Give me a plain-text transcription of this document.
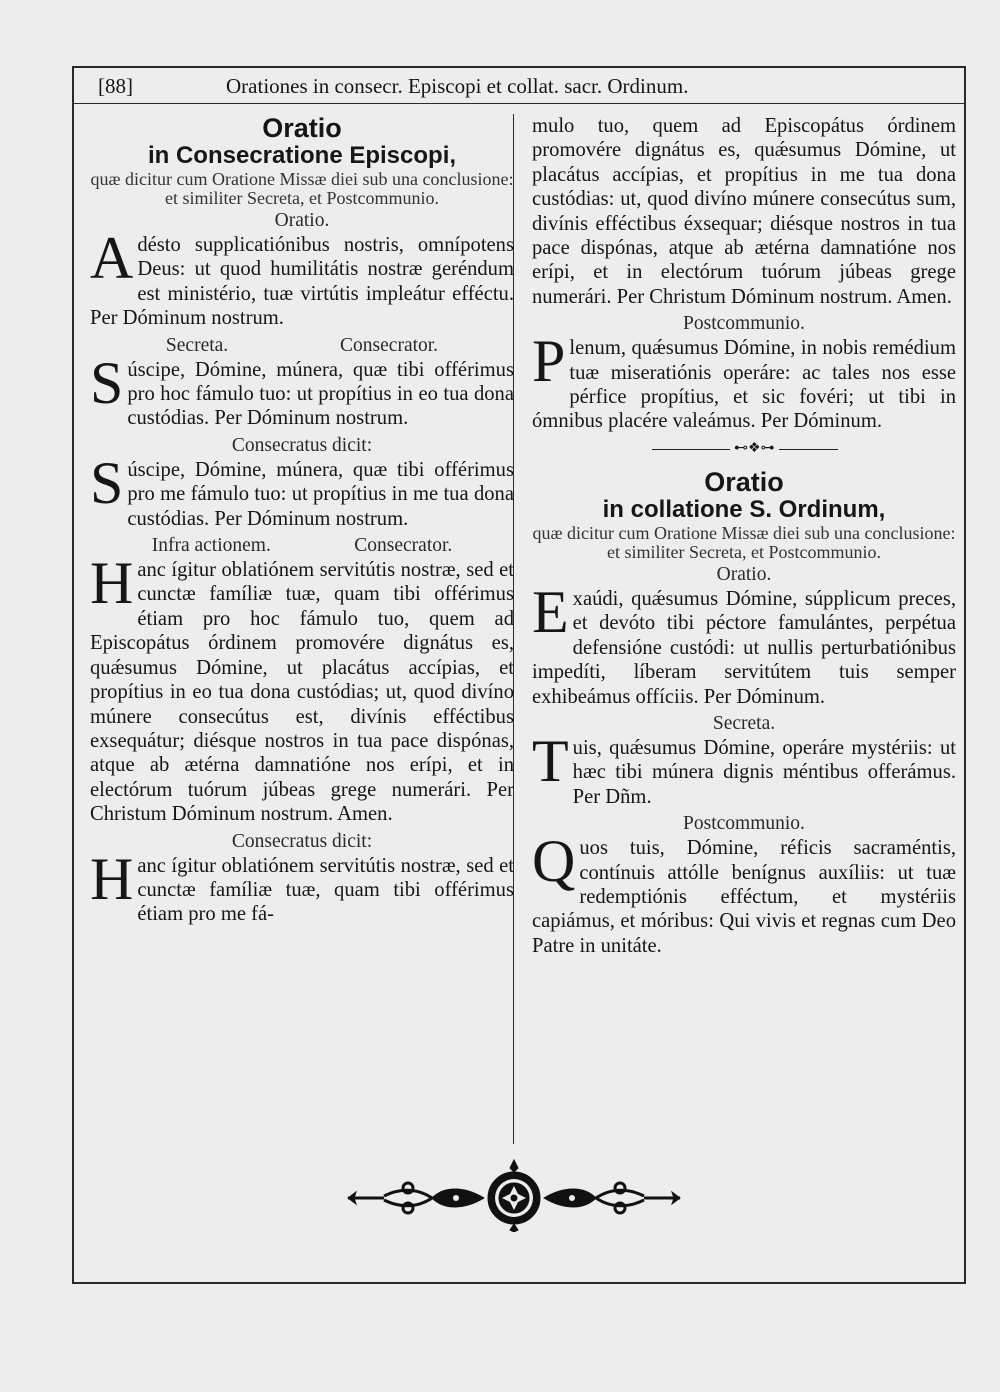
[88]	Orationes in consecr. Episcopi et collat. sacr. Ordinum.
Oratio
in Consecratione Episcopi,
quæ dicitur cum Oratione Missæ diei sub una conclusione: et similiter Secreta, et Postcommunio.
Oratio.
Adésto supplicatiónibus nostris, omnípotens Deus: ut quod humilitátis nostræ geréndum est ministério, tuæ virtútis impleátur efféctu. Per Dóminum nostrum.
Secreta.	Consecrator.
Súscipe, Dómine, múnera, quæ tibi offérimus pro hoc fámulo tuo: ut propítius in eo tua dona custódias. Per Dóminum nostrum.
Consecratus dicit:
Súscipe, Dómine, múnera, quæ tibi offérimus pro me fámulo tuo: ut propítius in me tua dona custódias. Per Dóminum nostrum.
Infra actionem.	Consecrator.
Hanc ígitur oblatiónem servitútis nostræ, sed et cunctæ famíliæ tuæ, quam tibi offérimus étiam pro hoc fámulo tuo, quem ad Episcopátus órdinem promovére dignátus es, quǽsumus Dómine, ut placátus accípias, et propítius in eo tua dona custódias; ut, quod divíno múnere consecútus est, divínis efféctibus exsequátur; diésque nostros in tua pace dispónas, atque ab ætérna damnatióne nos erípi, et in electórum tuórum júbeas grege numerári. Per Christum Dóminum nostrum. Amen.
Consecratus dicit:
Hanc ígitur oblatiónem servitútis nostræ, sed et cunctæ famíliæ tuæ, quam tibi offérimus étiam pro me fá-
mulo tuo, quem ad Episcopátus órdinem promovére dignátus es, quǽsumus Dómine, ut placátus accípias, et propítius in me tua dona custódias: ut, quod divíno múnere consecútus sum, divínis efféctibus éxsequar; diésque nostros in tua pace dispónas, atque ab ætérna damnatióne nos erípi, et in electórum tuórum júbeas grege numerári. Per Christum Dóminum nostrum. Amen.
Postcommunio.
Plenum, quǽsumus Dómine, in nobis remédium tuæ miseratiónis operáre: ac tales nos esse pérfice propítius, et sic fovéri; ut tibi in ómnibus placére valeámus. Per Dóminum.
⊷❖⊶
Oratio
in collatione S. Ordinum,
quæ dicitur cum Oratione Missæ diei sub una conclusione: et similiter Secreta, et Postcommunio.
Oratio.
Exaúdi, quǽsumus Dómine, súpplicum preces, et devóto tibi péctore famulántes, perpétua defensióne custódi: ut nullis perturbatiónibus impedíti, líberam servitútem tuis semper exhibeámus offíciis. Per Dóminum.
Secreta.
Tuis, quǽsumus Dómine, operáre mystériis: ut hæc tibi múnera dignis méntibus offerámus. Per Dñm.
Postcommunio.
Quos tuis, Dómine, réficis sacraméntis, contínuis attólle benígnus auxíliis: ut tuæ redemptiónis efféctum, et mystériis capiámus, et móribus: Qui vivis et regnas cum Deo Patre in unitáte.
